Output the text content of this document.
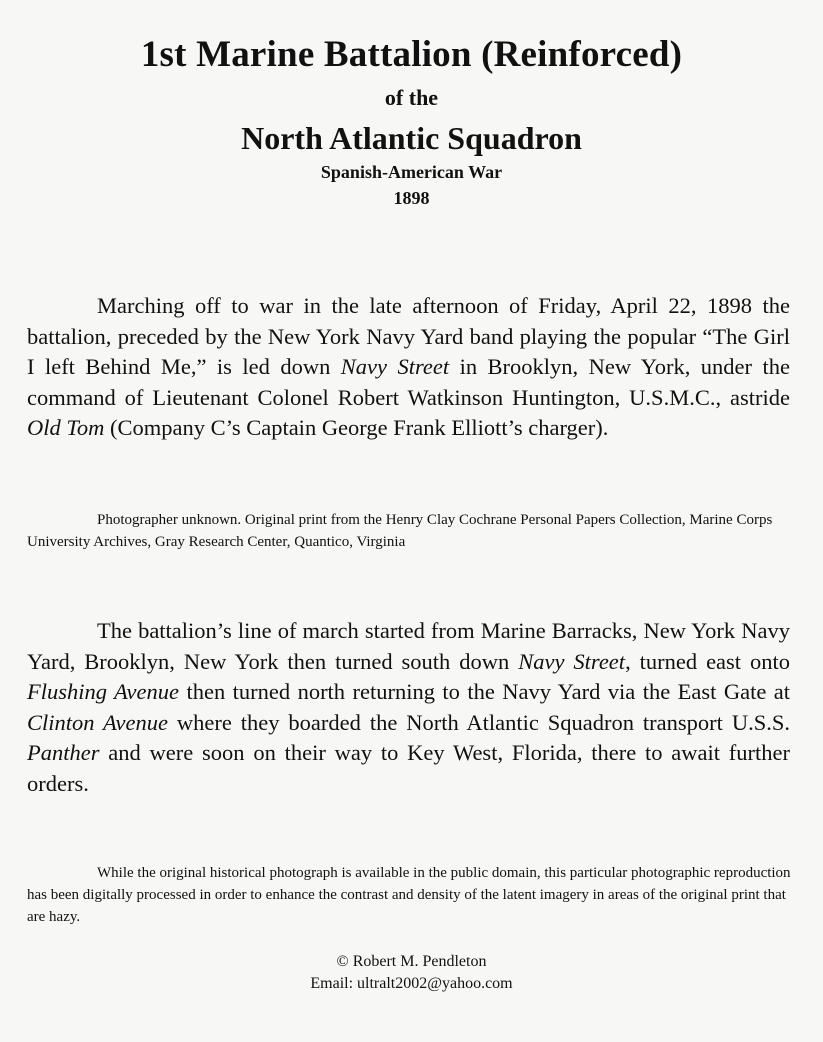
1st Marine Battalion (Reinforced)
of the
North Atlantic Squadron
Spanish-American War
1898

Marching off to war in the late afternoon of Friday, April 22, 1898 the battalion, preceded by the New York Navy Yard band playing the popular “The Girl I left Behind Me,” is led down Navy Street in Brooklyn, New York, under the command of Lieutenant Colonel Robert Watkinson Huntington, U.S.M.C., astride Old Tom (Company C’s Captain George Frank Elliott’s charger).

Photographer unknown. Original print from the Henry Clay Cochrane Personal Papers Collection, Marine Corps University Archives, Gray Research Center, Quantico, Virginia

The battalion’s line of march started from Marine Barracks, New York Navy Yard, Brooklyn, New York then turned south down Navy Street, turned east onto Flushing Avenue then turned north returning to the Navy Yard via the East Gate at Clinton Avenue where they boarded the North Atlantic Squadron transport U.S.S. Panther and were soon on their way to Key West, Florida, there to await further orders.

While the original historical photograph is available in the public domain, this particular photographic reproduction has been digitally processed in order to enhance the contrast and density of the latent imagery in areas of the original print that are hazy.

© Robert M. Pendleton
Email: ultralt2002@yahoo.com
